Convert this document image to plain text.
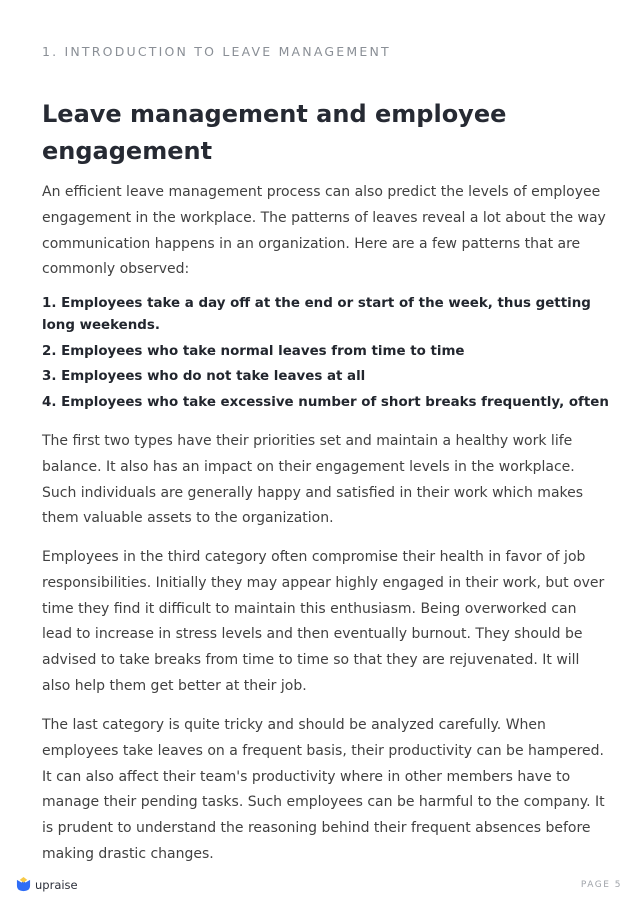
1. INTRODUCTION TO LEAVE MANAGEMENT
Leave management and employee
engagement
An efficient leave management process can also predict the levels of employee
engagement in the workplace. The patterns of leaves reveal a lot about the way
communication happens in an organization. Here are a few patterns that are
commonly observed:
1. Employees take a day off at the end or start of the week, thus getting
long weekends.
2. Employees who take normal leaves from time to time
3. Employees who do not take leaves at all
4. Employees who take excessive number of short breaks frequently, often
The first two types have their priorities set and maintain a healthy work life
balance. It also has an impact on their engagement levels in the workplace.
Such individuals are generally happy and satisfied in their work which makes
them valuable assets to the organization.
Employees in the third category often compromise their health in favor of job
responsibilities. Initially they may appear highly engaged in their work, but over
time they find it difficult to maintain this enthusiasm. Being overworked can
lead to increase in stress levels and then eventually burnout. They should be
advised to take breaks from time to time so that they are rejuvenated. It will
also help them get better at their job.
The last category is quite tricky and should be analyzed carefully. When
employees take leaves on a frequent basis, their productivity can be hampered.
It can also affect their team's productivity where in other members have to
manage their pending tasks. Such employees can be harmful to the company. It
is prudent to understand the reasoning behind their frequent absences before
making drastic changes.
upraise	PAGE 5
